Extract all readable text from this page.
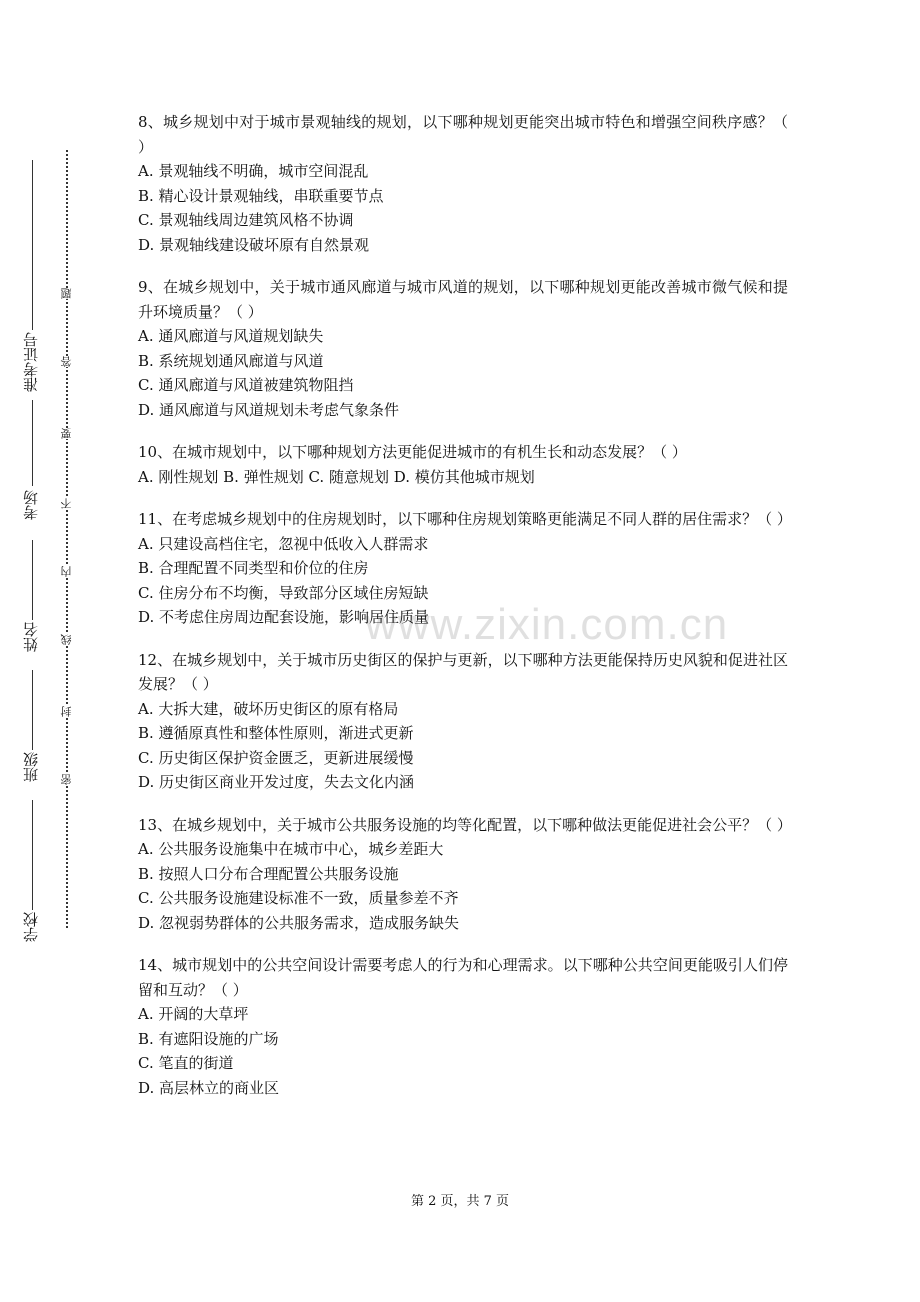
准考证号
考场
姓名
班级
学校
题
答
要
不
内
线
封
密
www.zixin.com.cn
8、城乡规划中对于城市景观轴线的规划，以下哪种规划更能突出城市特色和增强空间秩序感？（ ）
A. 景观轴线不明确，城市空间混乱
B. 精心设计景观轴线，串联重要节点
C. 景观轴线周边建筑风格不协调
D. 景观轴线建设破坏原有自然景观
9、在城乡规划中，关于城市通风廊道与城市风道的规划，以下哪种规划更能改善城市微气候和提升环境质量？（ ）
A. 通风廊道与风道规划缺失
B. 系统规划通风廊道与风道
C. 通风廊道与风道被建筑物阻挡
D. 通风廊道与风道规划未考虑气象条件
10、在城市规划中，以下哪种规划方法更能促进城市的有机生长和动态发展？（ ）
A. 刚性规划 B. 弹性规划 C. 随意规划 D. 模仿其他城市规划
11、在考虑城乡规划中的住房规划时，以下哪种住房规划策略更能满足不同人群的居住需求？（ ）
A. 只建设高档住宅，忽视中低收入人群需求
B. 合理配置不同类型和价位的住房
C. 住房分布不均衡，导致部分区域住房短缺
D. 不考虑住房周边配套设施，影响居住质量
12、在城乡规划中，关于城市历史街区的保护与更新，以下哪种方法更能保持历史风貌和促进社区发展？（ ）
A. 大拆大建，破坏历史街区的原有格局
B. 遵循原真性和整体性原则，渐进式更新
C. 历史街区保护资金匮乏，更新进展缓慢
D. 历史街区商业开发过度，失去文化内涵
13、在城乡规划中，关于城市公共服务设施的均等化配置，以下哪种做法更能促进社会公平？（ ）
A. 公共服务设施集中在城市中心，城乡差距大
B. 按照人口分布合理配置公共服务设施
C. 公共服务设施建设标准不一致，质量参差不齐
D. 忽视弱势群体的公共服务需求，造成服务缺失
14、城市规划中的公共空间设计需要考虑人的行为和心理需求。以下哪种公共空间更能吸引人们停留和互动？（ ）
A. 开阔的大草坪
B. 有遮阳设施的广场
C. 笔直的街道
D. 高层林立的商业区
第 2 页，共 7 页
